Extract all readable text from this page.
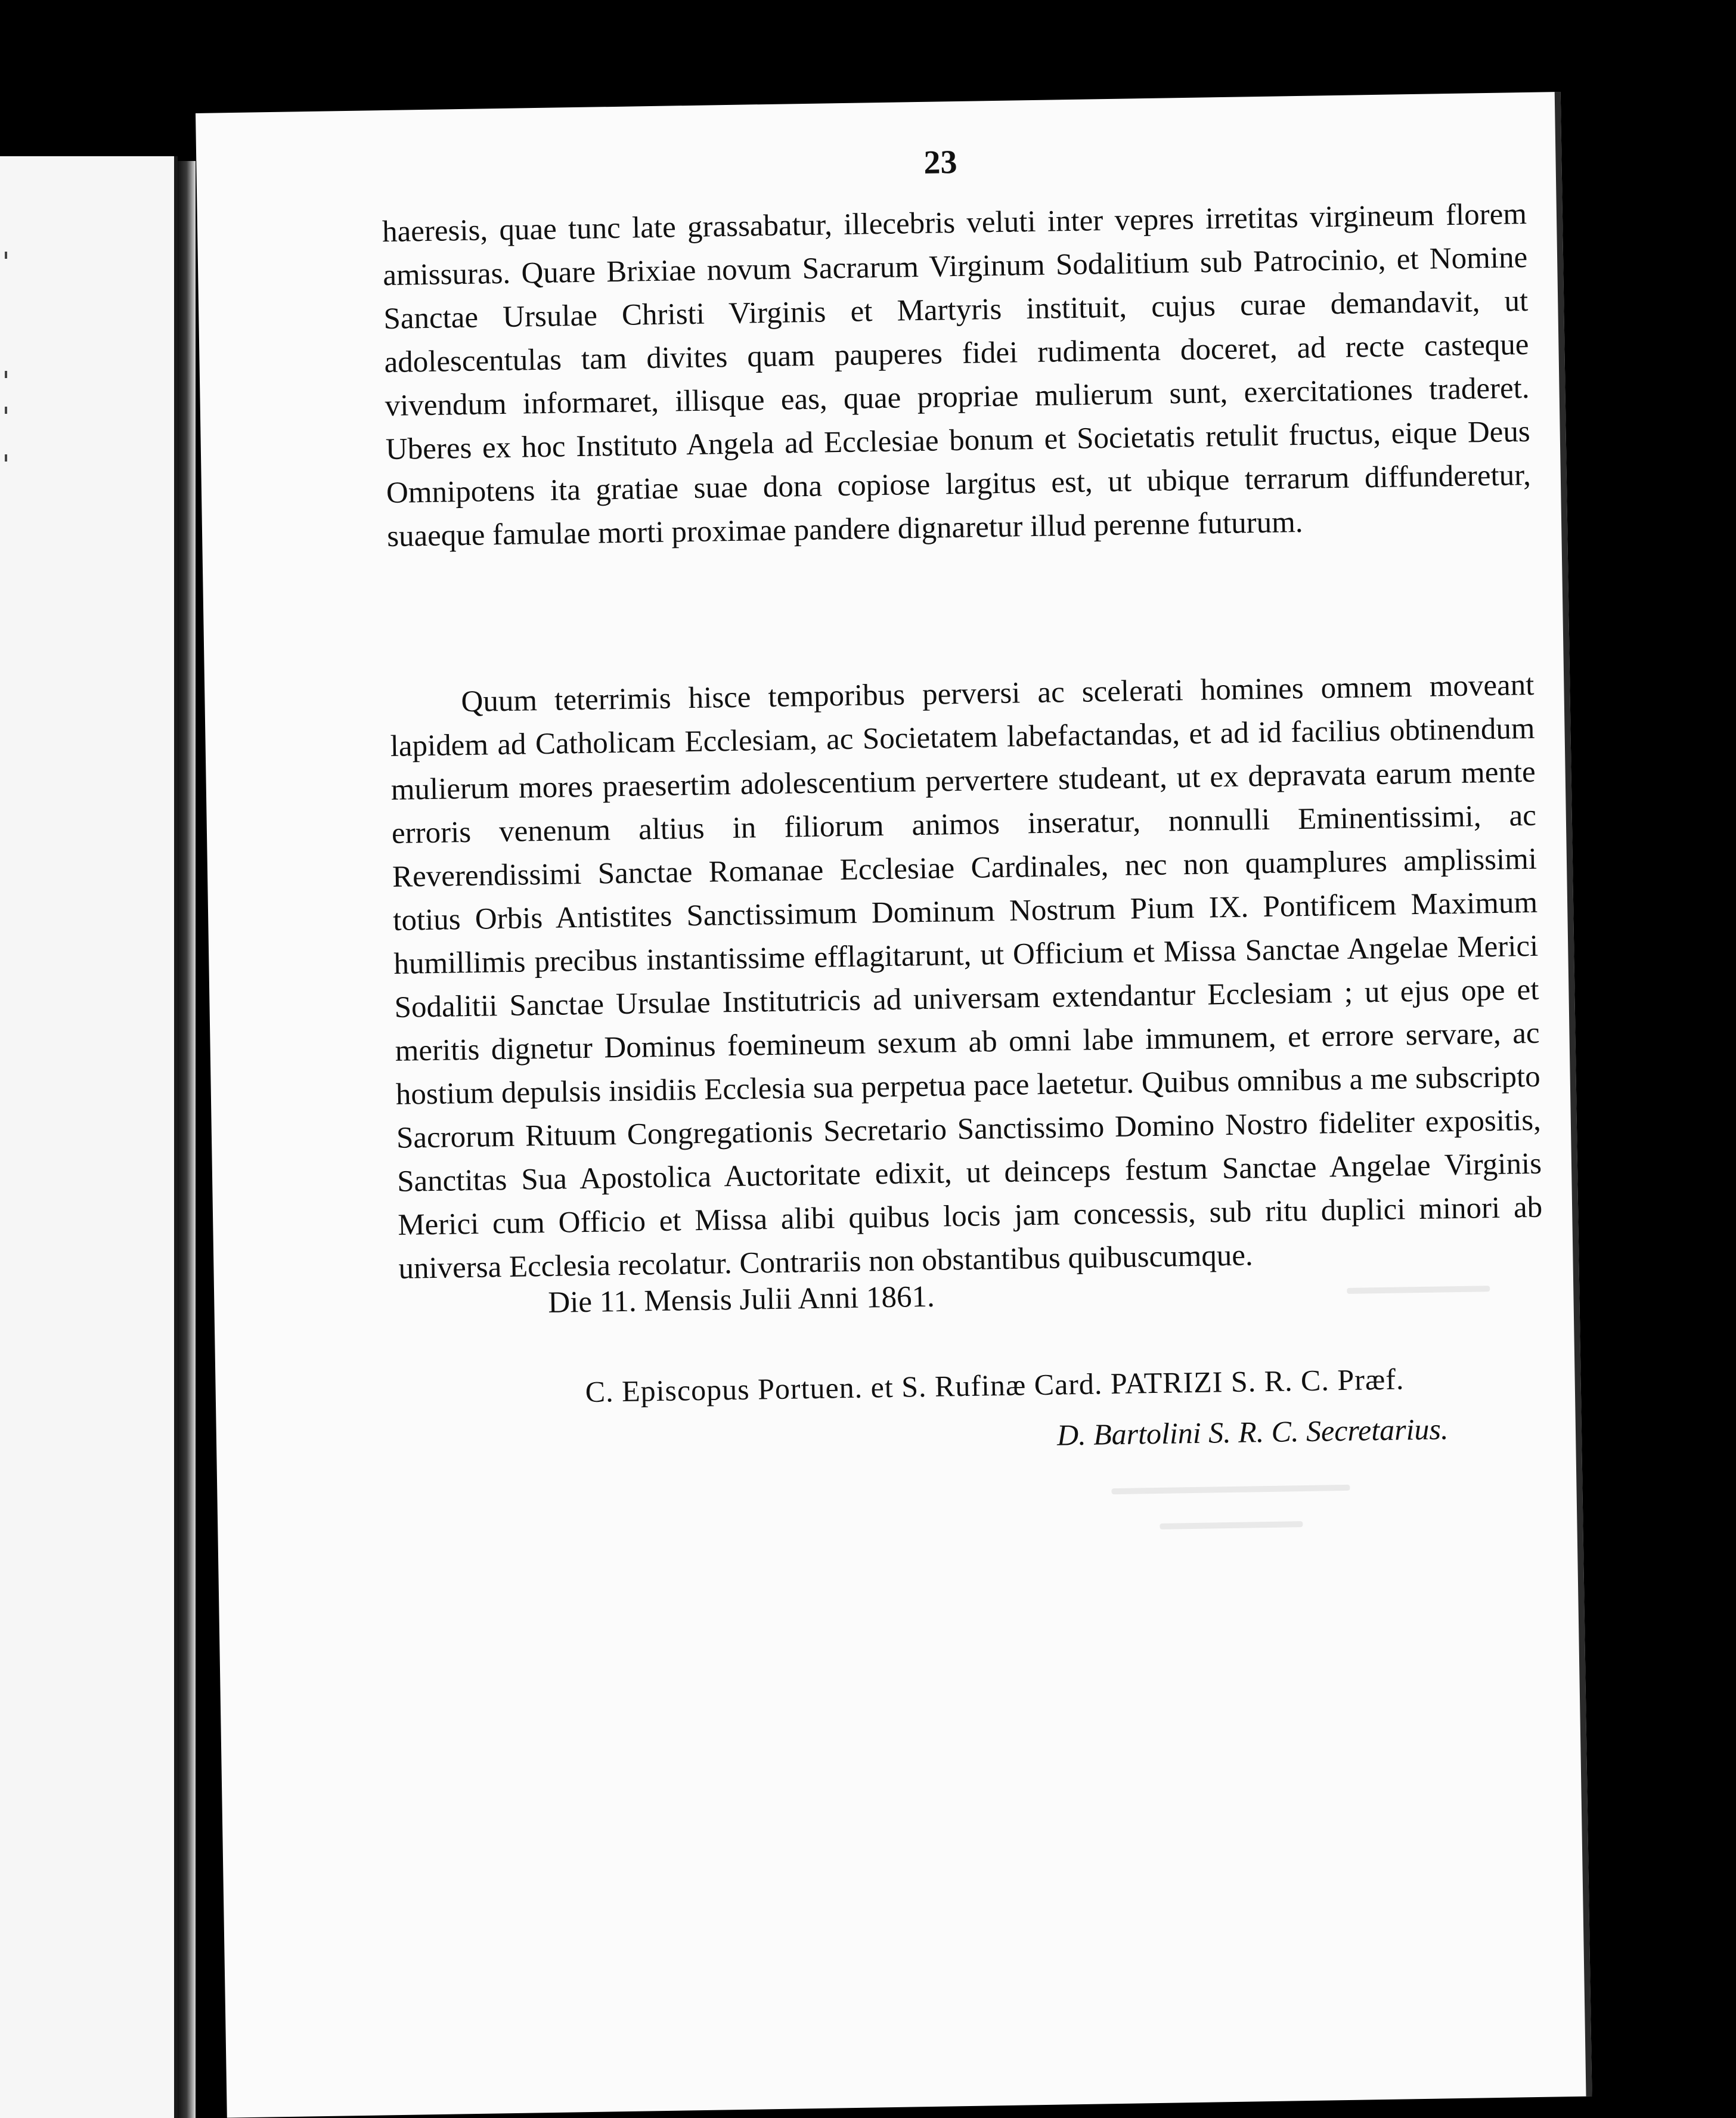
23
haeresis, quae tunc late grassabatur, illecebris veluti inter vepres irretitas virgineum florem amissuras. Quare Brixiae novum Sacrarum Virginum Sodalitium sub Patrocinio, et Nomine Sanctae Ursulae Christi Virginis et Martyris instituit, cujus curae demandavit, ut adolescentulas tam divites quam pauperes fidei rudimenta doceret, ad recte casteque vivendum informaret, illisque eas, quae propriae mulierum sunt, exercitationes traderet. Uberes ex hoc Instituto Angela ad Ecclesiae bonum et Societatis retulit fructus, eique Deus Omnipotens ita gratiae suae dona copiose largitus est, ut ubique terrarum diffunderetur, suaeque famulae morti proximae pandere dignaretur illud perenne futurum.

Quum teterrimis hisce temporibus perversi ac scelerati homines omnem moveant lapidem ad Catholicam Ecclesiam, ac Societatem labefactandas, et ad id facilius obtinendum mulierum mores praesertim adolescentium pervertere studeant, ut ex depravata earum mente erroris venenum altius in filiorum animos inseratur, nonnulli Eminentissimi, ac Reverendissimi Sanctae Romanae Ecclesiae Cardinales, nec non quamplures amplissimi totius Orbis Antistites Sanctissimum Dominum Nostrum Pium IX. Pontificem Maximum humillimis precibus instantissime efflagitarunt, ut Officium et Missa Sanctae Angelae Merici Sodalitii Sanctae Ursulae Institutricis ad universam extendantur Ecclesiam ; ut ejus ope et meritis dignetur Dominus foemineum sexum ab omni labe immunem, et errore servare, ac hostium depulsis insidiis Ecclesia sua perpetua pace laetetur. Quibus omnibus a me subscripto Sacrorum Rituum Congregationis Secretario Sanctissimo Domino Nostro fideliter expositis, Sanctitas Sua Apostolica Auctoritate edixit, ut deinceps festum Sanctae Angelae Virginis Merici cum Officio et Missa alibi quibus locis jam concessis, sub ritu duplici minori ab universa Ecclesia recolatur. Contrariis non obstantibus quibuscumque.

Die 11. Mensis Julii Anni 1861.
C. Episcopus Portuen. et S. Rufinæ Card. PATRIZI S. R. C. Præf.
D. Bartolini S. R. C. Secretarius.
